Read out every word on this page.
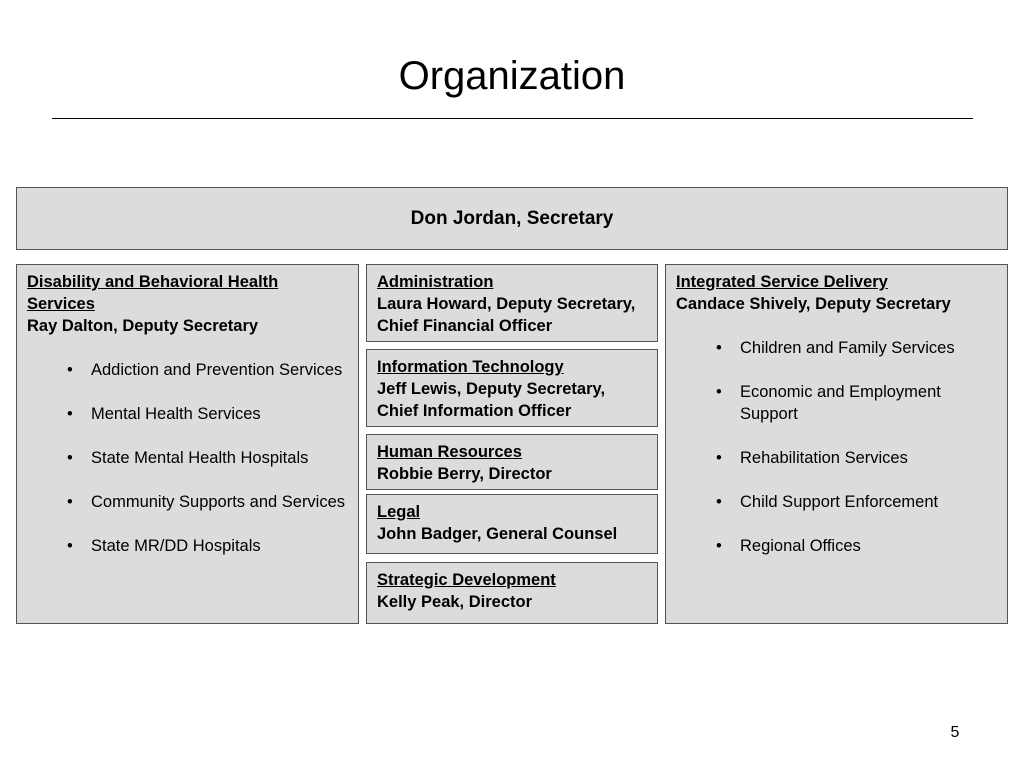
Organization
Don Jordan, Secretary
Disability and Behavioral Health Services
Ray Dalton, Deputy Secretary
• Addiction and Prevention Services
• Mental Health Services
• State Mental Health Hospitals
• Community Supports and Services
• State MR/DD Hospitals
Administration
Laura Howard, Deputy Secretary, Chief Financial Officer
Information Technology
Jeff Lewis, Deputy Secretary, Chief Information Officer
Human Resources
Robbie Berry, Director
Legal
John Badger, General Counsel
Strategic Development
Kelly Peak, Director
Integrated Service Delivery
Candace Shively, Deputy Secretary
• Children and Family Services
• Economic and Employment Support
• Rehabilitation Services
• Child Support Enforcement
• Regional Offices
5
